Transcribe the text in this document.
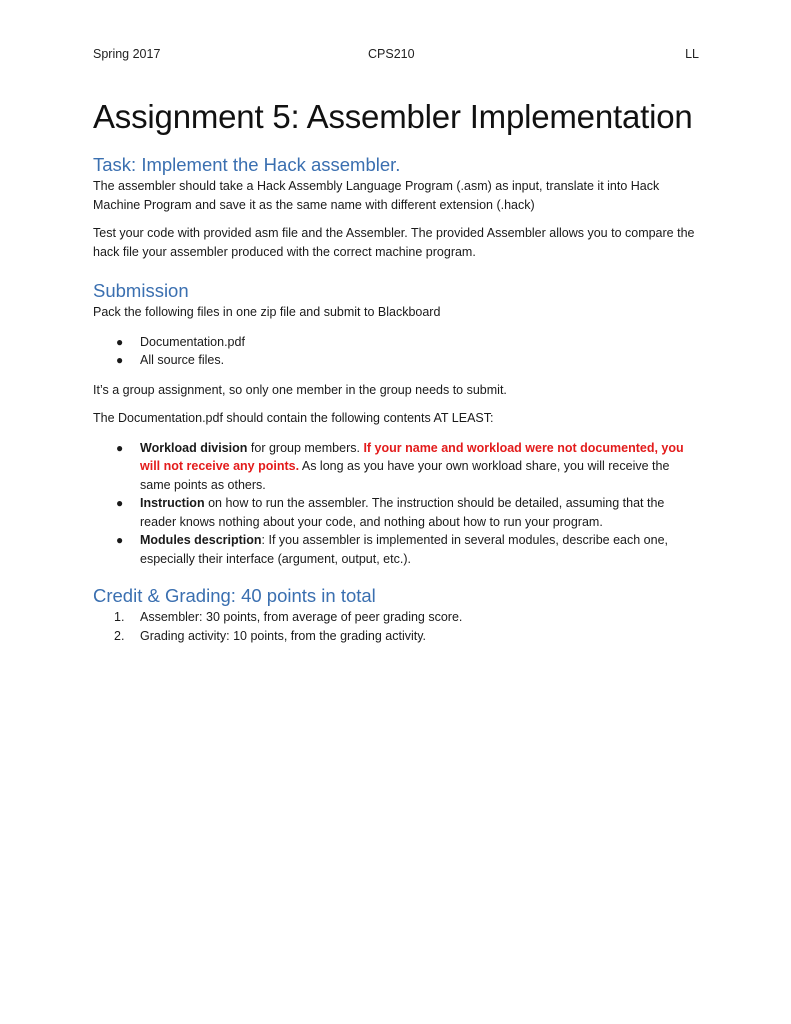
Spring 2017	CPS210	LL
Assignment 5: Assembler Implementation
Task: Implement the Hack assembler.

The assembler should take a Hack Assembly Language Program (.asm) as input, translate it into Hack Machine Program and save it as the same name with different extension (.hack)

Test your code with provided asm file and the Assembler. The provided Assembler allows you to compare the hack file your assembler produced with the correct machine program.

Submission

Pack the following files in one zip file and submit to Blackboard

● Documentation.pdf
● All source files.

It’s a group assignment, so only one member in the group needs to submit.

The Documentation.pdf should contain the following contents AT LEAST:

● Workload division for group members. If your name and workload were not documented, you will not receive any points. As long as you have your own workload share, you will receive the same points as others.
● Instruction on how to run the assembler. The instruction should be detailed, assuming that the reader knows nothing about your code, and nothing about how to run your program.
● Modules description: If you assembler is implemented in several modules, describe each one, especially their interface (argument, output, etc.).
Credit & Grading: 40 points in total
1. Assembler: 30 points, from average of peer grading score.
2. Grading activity: 10 points, from the grading activity.
